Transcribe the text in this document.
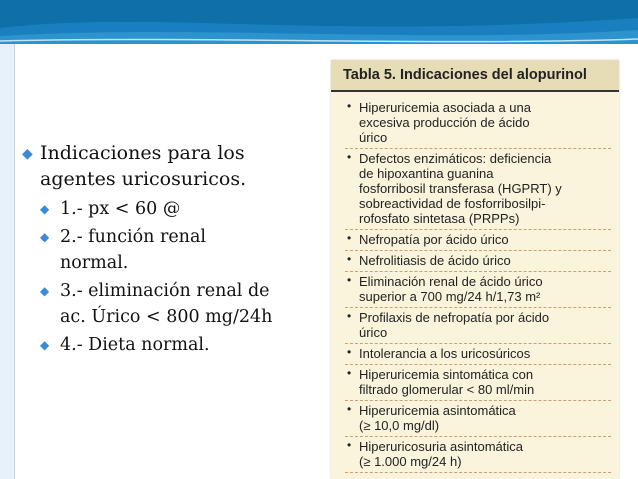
◆ Indicaciones para los
agentes uricosuricos.
◆ 1.- px < 60 @
◆ 2.- función renal
normal.
◆ 3.- eliminación renal de
ac. Úrico < 800 mg/24h
◆ 4.- Dieta normal.
Tabla 5. Indicaciones del alopurinol
• Hiperuricemia asociada a una
excesiva producción de ácido
úrico
• Defectos enzimáticos: deficiencia
de hipoxantina guanina
fosforribosil transferasa (HGPRT) y
sobreactividad de fosforribosilpi-
rofosfato sintetasa (PRPPs)
• Nefropatía por ácido úrico
• Nefrolitiasis de ácido úrico
• Eliminación renal de ácido úrico
superior a 700 mg/24 h/1,73 m²
• Profilaxis de nefropatía por ácido
úrico
• Intolerancia a los uricosúricos
• Hiperuricemia sintomática con
filtrado glomerular < 80 ml/min
• Hiperuricemia asintomática
(≥ 10,0 mg/dl)
• Hiperuricosuria asintomática
(≥ 1.000 mg/24 h)
